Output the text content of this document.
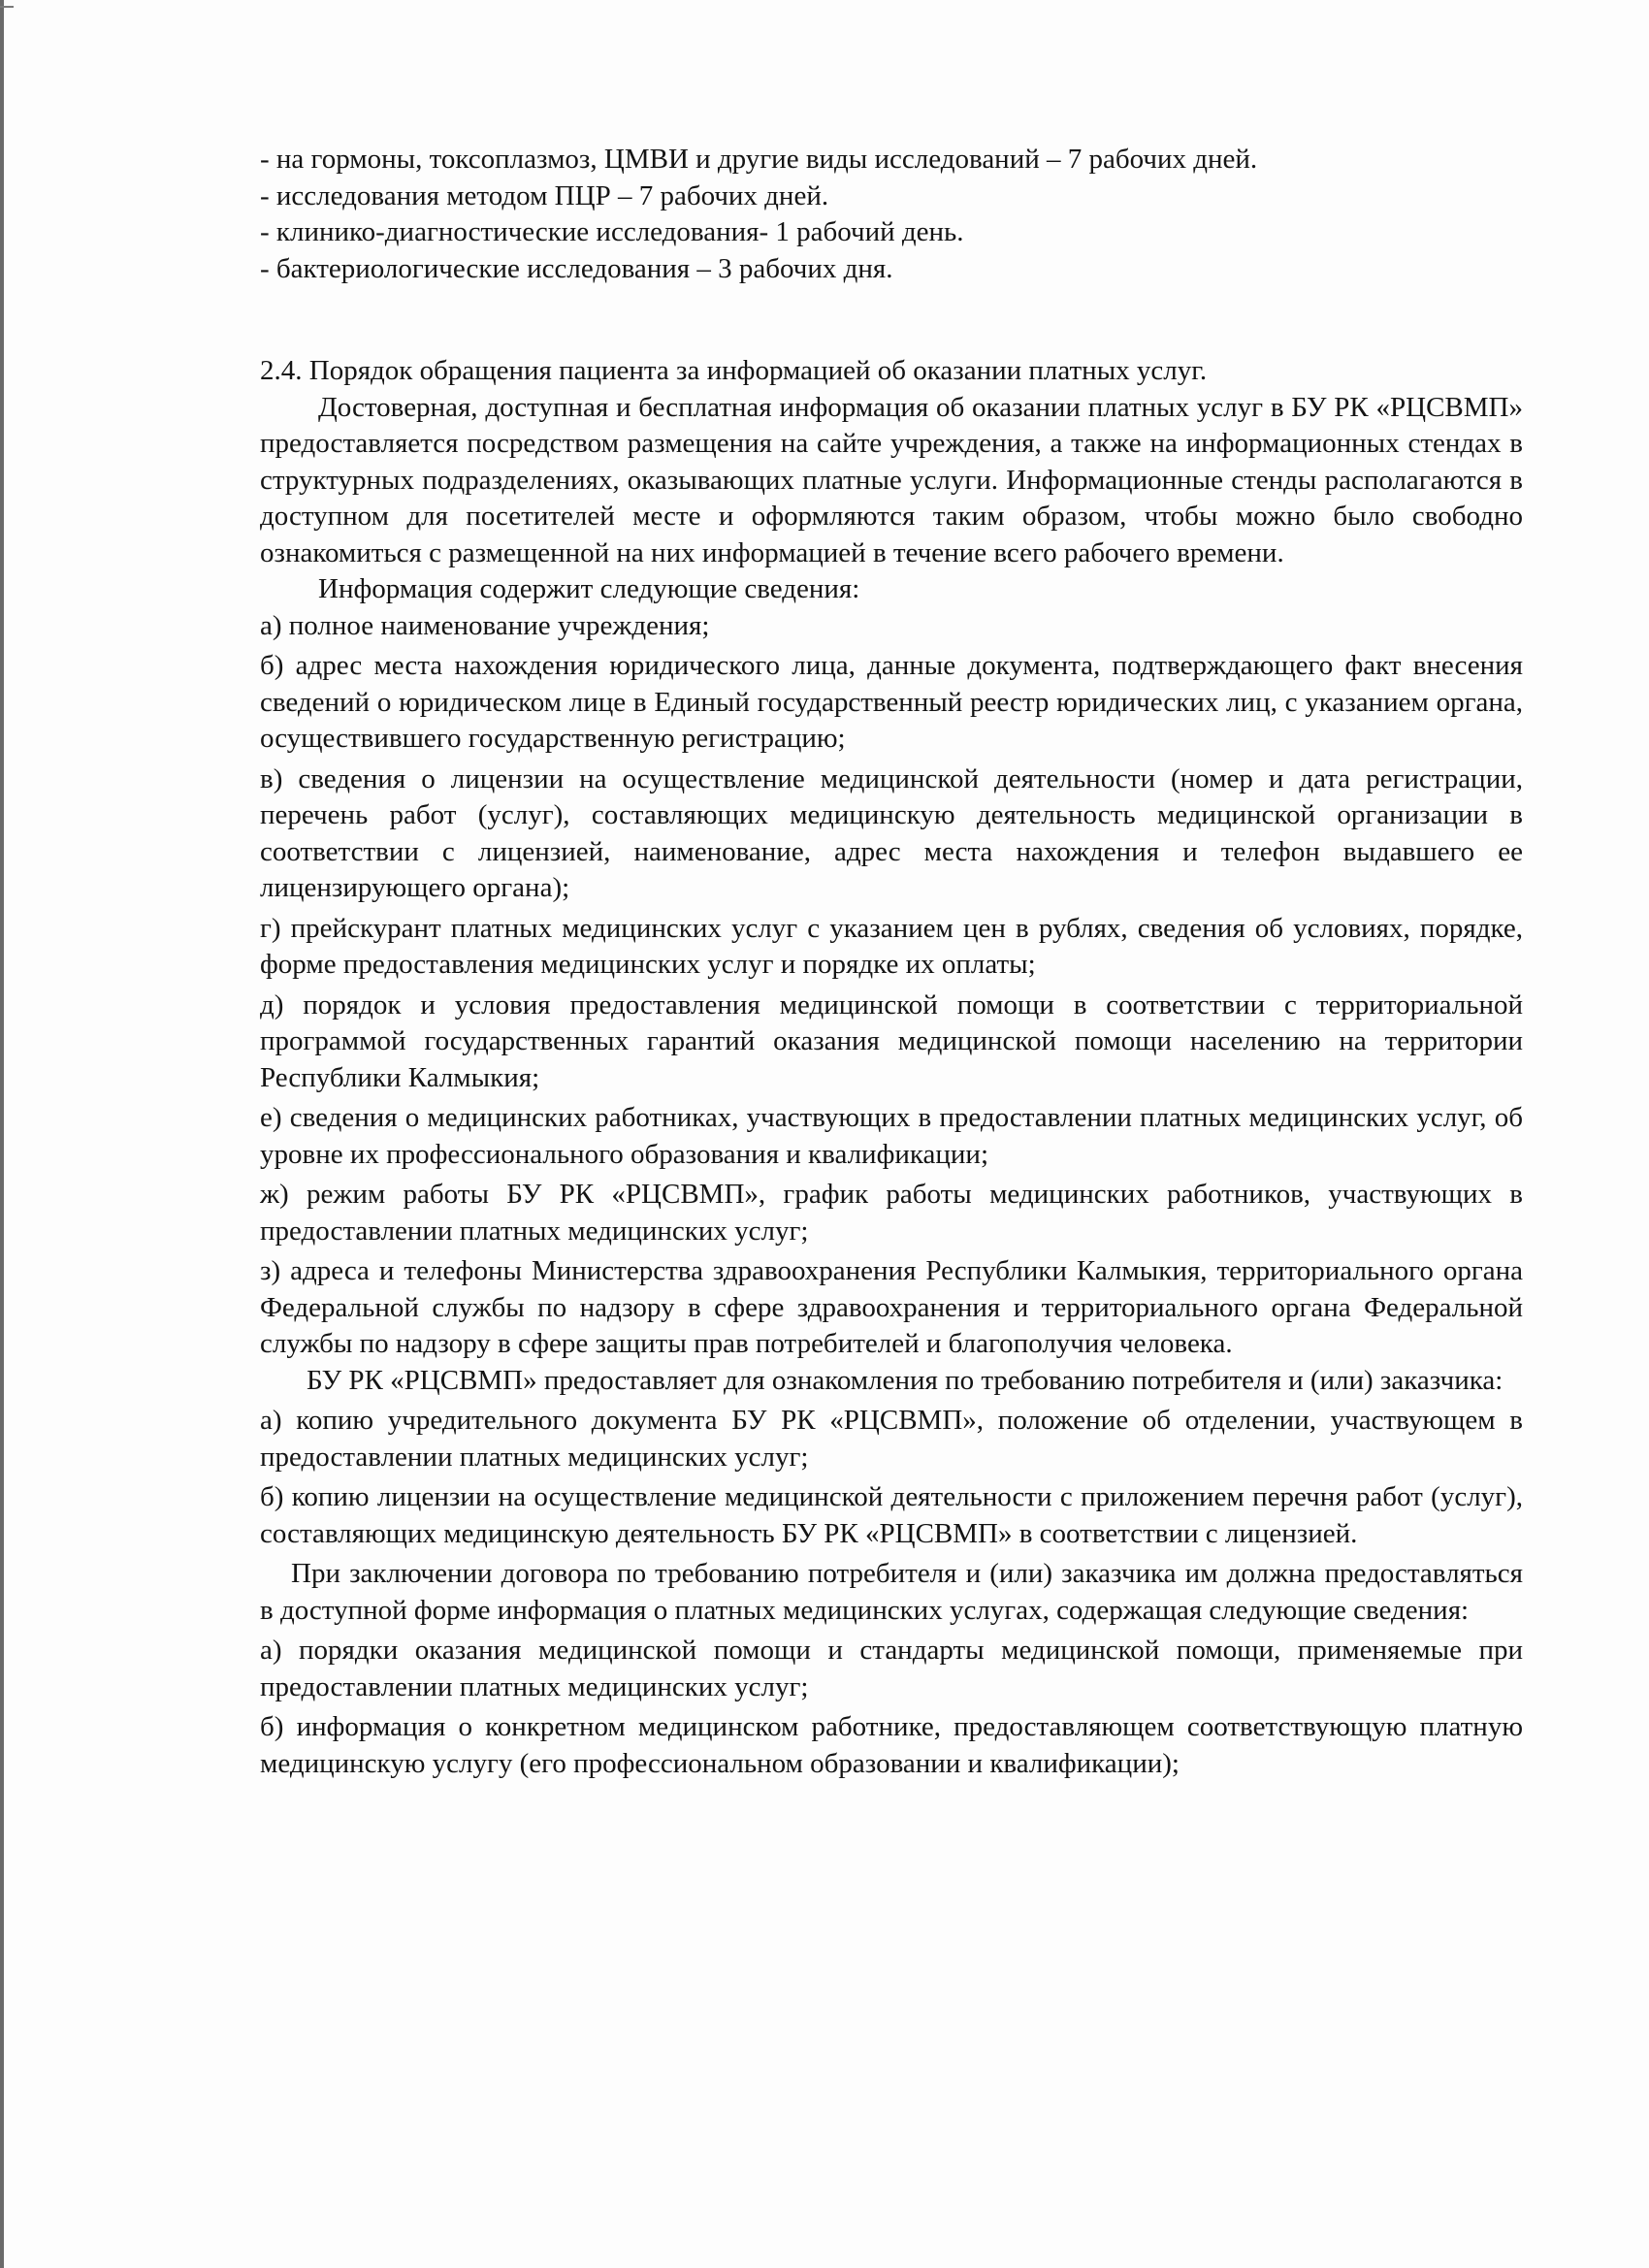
- на гормоны, токсоплазмоз, ЦМВИ и другие виды исследований – 7 рабочих дней.

- исследования методом ПЦР – 7 рабочих дней.

- клинико-диагностические исследования- 1 рабочий день.

- бактериологические исследования – 3 рабочих дня.

2.4. Порядок обращения пациента за информацией об оказании платных услуг.

Достоверная, доступная и бесплатная информация об оказании платных услуг в БУ РК «РЦСВМП» предоставляется посредством размещения на сайте учреждения, а также на информационных стендах в структурных подразделениях, оказывающих платные услуги. Информационные стенды располагаются в доступном для посетителей месте и оформляются таким образом, чтобы можно было свободно ознакомиться с размещенной на них информацией в течение всего рабочего времени.

Информация содержит следующие сведения:

а) полное наименование учреждения;

б) адрес места нахождения юридического лица, данные документа, подтверждающего факт внесения сведений о юридическом лице в Единый государственный реестр юридических лиц, с указанием органа, осуществившего государственную регистрацию;

в) сведения о лицензии на осуществление медицинской деятельности (номер и дата регистрации, перечень работ (услуг), составляющих медицинскую деятельность медицинской организации в соответствии с лицензией, наименование, адрес места нахождения и телефон выдавшего ее лицензирующего органа);

г) прейскурант платных медицинских услуг с указанием цен в рублях, сведения об условиях, порядке, форме предоставления медицинских услуг и порядке их оплаты;

д) порядок и условия предоставления медицинской помощи в соответствии с территориальной программой государственных гарантий оказания медицинской помощи населению на территории Республики Калмыкия;

е) сведения о медицинских работниках, участвующих в предоставлении платных медицинских услуг, об уровне их профессионального образования и квалификации;

ж) режим работы БУ РК «РЦСВМП», график работы медицинских работников, участвующих в предоставлении платных медицинских услуг;

з) адреса и телефоны Министерства здравоохранения Республики Калмыкия, территориального органа Федеральной службы по надзору в сфере здравоохранения и территориального органа Федеральной службы по надзору в сфере защиты прав потребителей и благополучия человека.

БУ РК «РЦСВМП» предоставляет для ознакомления по требованию потребителя и (или) заказчика:

а) копию учредительного документа БУ РК «РЦСВМП», положение об отделении, участвующем в предоставлении платных медицинских услуг;

б) копию лицензии на осуществление медицинской деятельности с приложением перечня работ (услуг), составляющих медицинскую деятельность БУ РК «РЦСВМП» в соответствии с лицензией.

При заключении договора по требованию потребителя и (или) заказчика им должна предоставляться в доступной форме информация о платных медицинских услугах, содержащая следующие сведения:

а) порядки оказания медицинской помощи и стандарты медицинской помощи, применяемые при предоставлении платных медицинских услуг;

б) информация о конкретном медицинском работнике, предоставляющем соответствующую платную медицинскую услугу (его профессиональном образовании и квалификации);
